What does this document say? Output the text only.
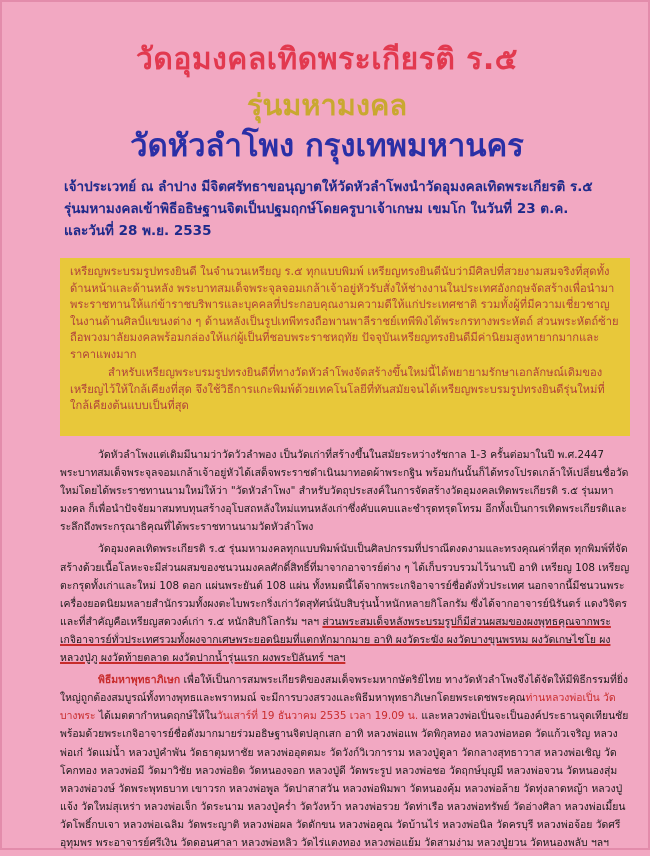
วัดอุมงคลเทิดพระเกียรติ ร.๕
รุ่นมหามงคล
วัดหัวลำโพง กรุงเทพมหานคร

เจ้าประเวทย์ ณ ลำปาง มีจิตศรัทธาขอนุญาตให้วัดหัวลำโพงนำวัดอุมงคลเทิดพระเกียรติ ร.๕

รุ่นมหามงคลเข้าพิธีอธิษฐานจิตเป็นปฐมฤกษ์โดยครูบาเจ้าเกษม เขมโก ในวันที่ 23 ต.ค.

และวันที่ 28 พ.ย. 2535

เหรียญพระบรมรูปทรงยินดี ในจำนวนเหรียญ ร.๕ ทุกแบบพิมพ์ เหรียญทรงยินดีนับว่ามีศิลปที่สวยงามสมจริงที่สุดทั้งด้านหน้าและด้านหลัง พระบาทสมเด็จพระจุลจอมเกล้าเจ้าอยู่หัวรับสั่งให้ช่างงานในประเทศอังกฤษจัดสร้างเพื่อนำมาพระราชทานให้แก่ข้าราชบริพารและบุคคลที่ประกอบคุณงามความดีให้แก่ประเทศชาติ รวมทั้งผู้ที่มีความเชี่ยวชาญในงานด้านศิลป์แขนงต่าง ๆ ด้านหลังเป็นรูปเทพีทรงถือพานพาลีราชย์เทพีพิงได้พระกรทางพระหัตถ์ ส่วนพระหัตถ์ซ้ายถือพวงมาลัยมงคลพร้อมกล่องให้แก่ผู้เป็นที่ชอบพระราชหฤทัย ปัจจุบันเหรียญทรงยินดีมีค่านิยมสูงหายากมากและราคาแพงมาก

สำหรับเหรียญพระบรมรูปทรงยินดีที่ทางวัดหัวลำโพงจัดสร้างขึ้นใหม่นี้ได้พยายามรักษาเอกลักษณ์เดิมของเหรียญไว้ให้ใกล้เคียงที่สุด จึงใช้วิธีการแกะพิมพ์ด้วยเทคโนโลยีที่ทันสมัยจนได้เหรียญพระบรมรูปทรงยินดีรุ่นใหม่ที่ใกล้เคียงต้นแบบเป็นที่สุด

วัดหัวลำโพงแต่เดิมมีนามว่าวัดวัวลำพอง เป็นวัดเก่าที่สร้างขึ้นในสมัยระหว่างรัชกาล 1-3 ครั้นต่อมาในปี พ.ศ.2447 พระบาทสมเด็จพระจุลจอมเกล้าเจ้าอยู่หัวได้เสด็จพระราชดำเนินมาทอดผ้าพระกฐิน พร้อมกันนั้นก็ได้ทรงโปรดเกล้าให้เปลี่ยนชื่อวัดใหม่โดยได้พระราชทานนามใหม่ให้ว่า "วัดหัวลำโพง" สำหรับวัตถุประสงค์ในการจัดสร้างวัดอุมงคลเทิดพระเกียรติ ร.๕ รุ่นมหามงคล ก็เพื่อนำปัจจัยมาสมทบทุนสร้างอุโบสถหลังใหม่แทนหลังเก่าซึ่งคับแคบและชำรุดทรุดโทรม อีกทั้งเป็นการเทิดพระเกียรติและระลึกถึงพระกรุณาธิคุณที่ได้พระราชทานนามวัดหัวลำโพง

วัดอุมงคลเทิดพระเกียรติ ร.๕ รุ่นมหามงคลทุกแบบพิมพ์นับเป็นศิลปกรรมที่ปราณีตงดงามและทรงคุณค่าที่สุด ทุกพิมพ์ที่จัดสร้างด้วยเนื้อโลหะจะมีส่วนผสมของชนวนมงคลศักดิ์สิทธิ์ที่มาจากอาจารย์ต่าง ๆ ได้เก็บรวบรวมไว้นานปี อาทิ เหรียญ 108 เหรียญ ตะกรุดทั้งเก่าและใหม่ 108 ดอก แผ่นพระยันต์ 108 แผ่น ทั้งหมดนี้ได้จากพระเกจิอาจารย์ชื่อดังทั่วประเทศ นอกจากนี้มีชนวนพระเครื่องยอดนิยมหลายสำนักรวมทั้งผงตะไบพระกริ่งเก่าวัดสุทัศน์นับสิบรุ่นน้ำหนักหลายกิโลกรัม ซึ่งได้จากอาจารย์นิรันดร์ แดงวิจิตร และที่สำคัญคือเหรียญสดวงค์เก่า ร.๕ หนักสิบกิโลกรัม ฯลฯ ส่วนพระสมเด็จหลังพระบรมรูปก็มีส่วนผสมของผงพุทธคุณจากพระเกจิอาจารย์ทั่วประเทศรวมทั้งผงจากเศษพระยอดนิยมที่แตกหักมากมาย อาทิ ผงวัดระฆัง ผงวัดบางขุนพรหม ผงวัดเกษไชโย ผงหลวงปู่ภู ผงวัดท้ายตลาด ผงวัดปากน้ำรุ่นแรก ผงพระปิลันทร์ ฯลฯ

พิธีมหาพุทธาภิเษก เพื่อให้เป็นการสมพระเกียรติของสมเด็จพระมหากษัตริย์ไทย ทางวัดหัวลำโพงจึงได้จัดให้มีพิธีกรรมที่ยิ่งใหญ่ถูกต้องสมบูรณ์ทั้งทางพุทธและพราหมณ์ จะมีการบวงสรวงและพิธีมหาพุทธาภิเษกโดยพระเดชพระคุณท่านหลวงพ่อเปิ่น วัดบางพระ ได้เมตตากำหนดฤกษ์ให้ในวันเสาร์ที่ 19 ธันวาคม 2535 เวลา 19.09 น. และหลวงพ่อเปิ่นจะเป็นองค์ประธานจุดเทียนชัย พร้อมด้วยพระเกจิอาจารย์ชื่อดังมากมายร่วมอธิษฐานจิตปลุกเสก อาทิ หลวงพ่อแพ วัดพิกุลทอง หลวงพ่อหอด วัดแก้วเจริญ หลวงพ่อเก๋ วัดแม่น้ำ หลวงปู่คำพัน วัดธาตุมหาชัย หลวงพ่ออุตตมะ วัดวังก์วิเวการาม หลวงปู่ดูลา วัดกลางสุทธาวาส หลวงพ่อเชิญ วัดโคกทอง หลวงพ่อมี วัดมาวิชัย หลวงพ่อยิด วัดหนองจอก หลวงปู่ดี วัดพระรูป หลวงพ่อชอ วัดฤกษ์บุญมี หลวงพ่อจวน วัดหนองสุ่ม หลวงพ่อวงษ์ วัดพระพุทธบาท เขาวรก หลวงพ่อพูล วัดปาสาสวัน หลวงพ่อพิมพา วัดหนองคุ้ม หลวงพ่อล้าย วัดทุ่งลาดหญ้า หลวงปู่แจ้ง วัดใหม่สุเหร่า หลวงพ่อเจ็ก วัดระนาม หลวงปู่คร่ำ วัดวังหว้า หลวงพ่อรวย วัดท่าเรือ หลวงพ่อทรัพย์ วัดอ่างศิลา หลวงพ่อเมี้ยน วัดโพธิ์กบเจา หลวงพ่อเฉลิม วัดพระญาติ หลวงพ่อผล วัดดักขน หลวงพ่อคูณ วัดบ้านไร่ หลวงพ่อนิล วัดครบุรี หลวงพ่อจ้อย วัดศรีอุทุมพร พระอาจารย์ศรีเงิน วัดดอนศาลา หลวงพ่อหลิว วัดไร่แตงทอง หลวงพ่อแย้ม วัดสามง่าม หลวงปู่ยวน วัดหนองพลับ ฯลฯ
